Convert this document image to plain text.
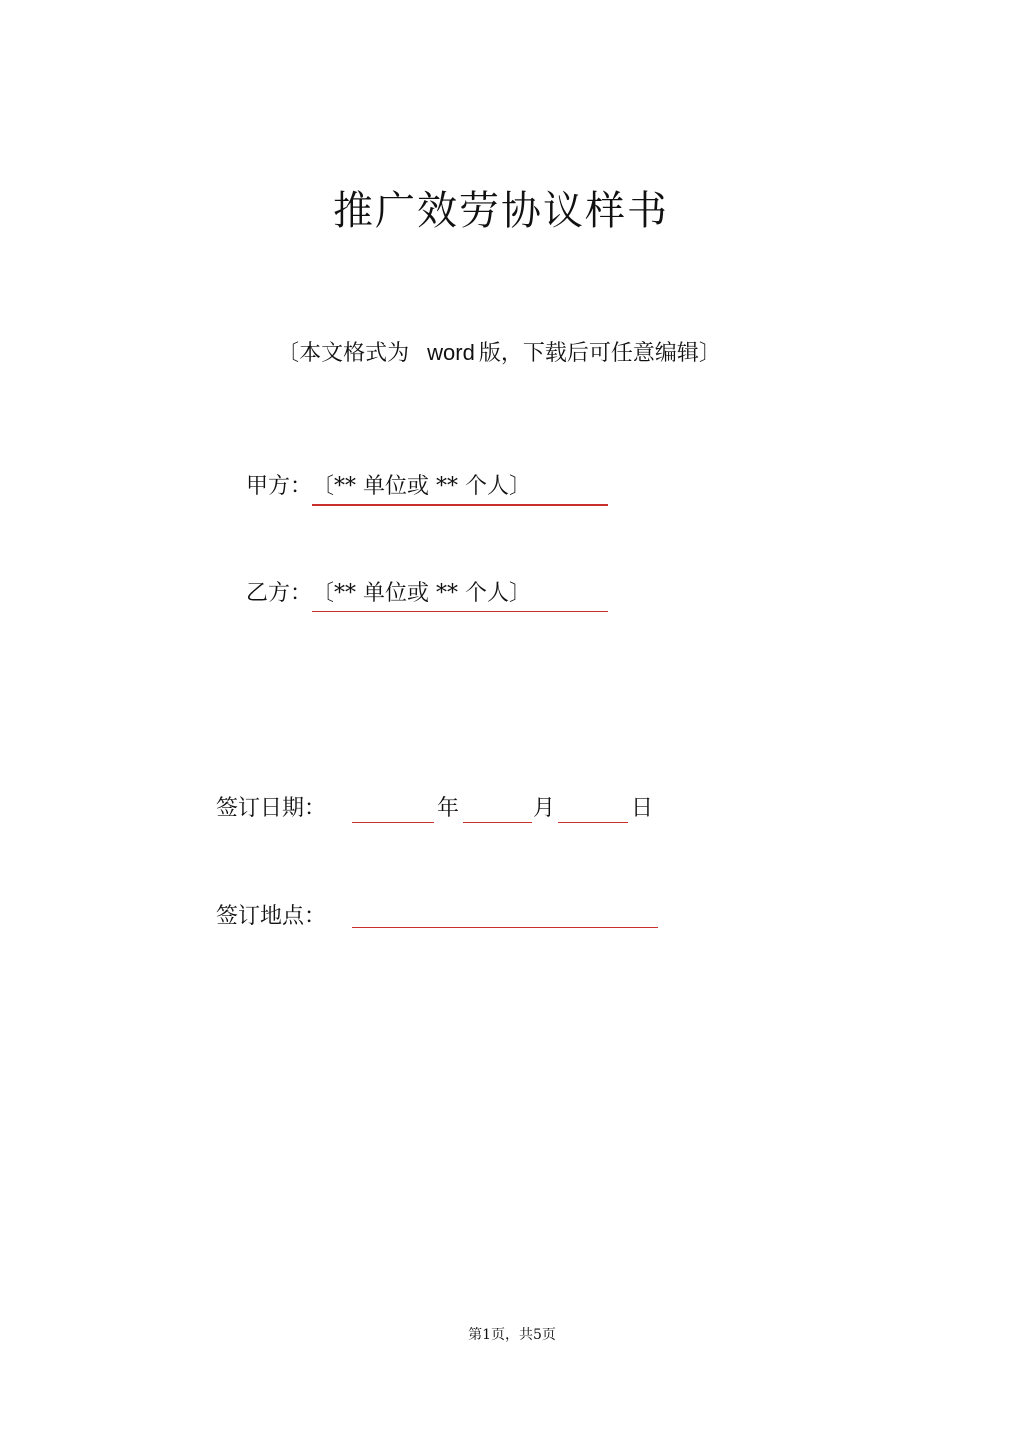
推广效劳协议样书
〔本文格式为 word 版，下载后可任意编辑〕
甲方： 〔** 单位或 ** 个人〕
乙方： 〔** 单位或 ** 个人〕
签订日期：	年	月	日
签订地点：
第1页，共5页
